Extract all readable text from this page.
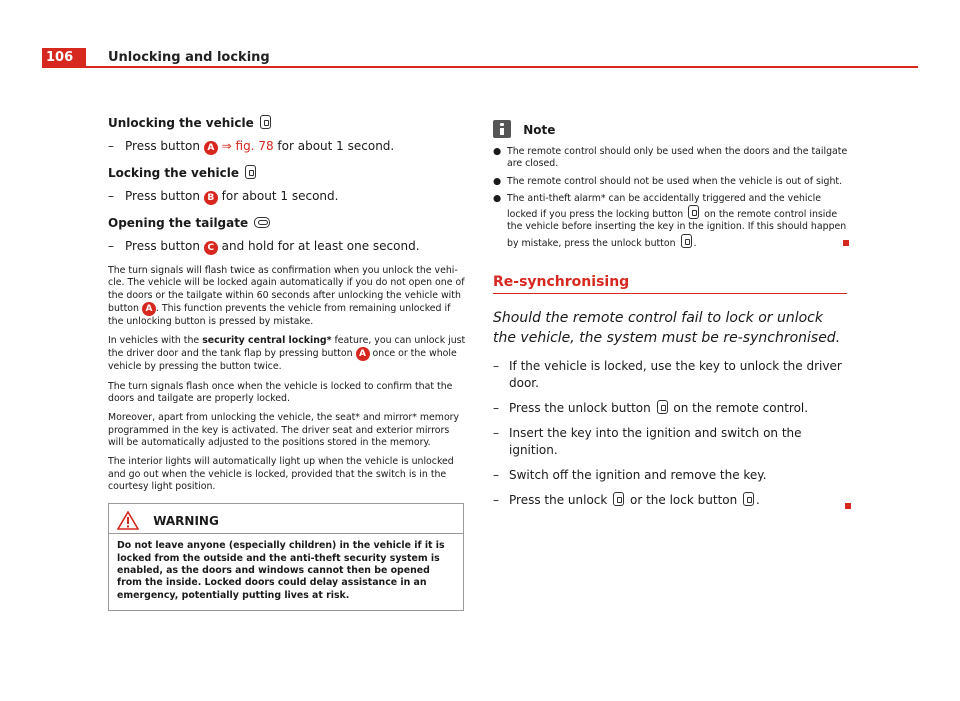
106	Unlocking and locking
Unlocking the vehicle
– Press button A ⇒ fig. 78 for about 1 second.
Locking the vehicle
– Press button B for about 1 second.
Opening the tailgate
– Press button C and hold for at least one second.

The turn signals will flash twice as confirmation when you unlock the vehi-cle. The vehicle will be locked again automatically if you do not open one of the doors or the tailgate within 60 seconds after unlocking the vehicle with button A . This function prevents the vehicle from remaining unlocked if the unlocking button is pressed by mistake.

In vehicles with the security central locking* feature, you can unlock just the driver door and the tank flap by pressing button A once or the whole vehicle by pressing the button twice.

The turn signals flash once when the vehicle is locked to confirm that the doors and tailgate are properly locked.

Moreover, apart from unlocking the vehicle, the seat* and mirror* memory programmed in the key is activated. The driver seat and exterior mirrors will be automatically adjusted to the positions stored in the memory.

The interior lights will automatically light up when the vehicle is unlocked and go out when the vehicle is locked, provided that the switch is in the courtesy light position.

WARNING
Do not leave anyone (especially children) in the vehicle if it is locked from the outside and the anti-theft security system is enabled, as the doors and windows cannot then be opened from the inside. Locked doors could delay assistance in an emergency, potentially putting lives at risk.
Note
● The remote control should only be used when the doors and the tailgate are closed.
● The remote control should not be used when the vehicle is out of sight.
● The anti-theft alarm* can be accidentally triggered and the vehicle locked if you press the locking button on the remote control inside the vehicle before inserting the key in the ignition. If this should happen by mistake, press the unlock button .
Re-synchronising
Should the remote control fail to lock or unlock the vehicle, the system must be re-synchronised.
– If the vehicle is locked, use the key to unlock the driver door.
– Press the unlock button on the remote control.
– Insert the key into the ignition and switch on the ignition.
– Switch off the ignition and remove the key.
– Press the unlock or the lock button .
